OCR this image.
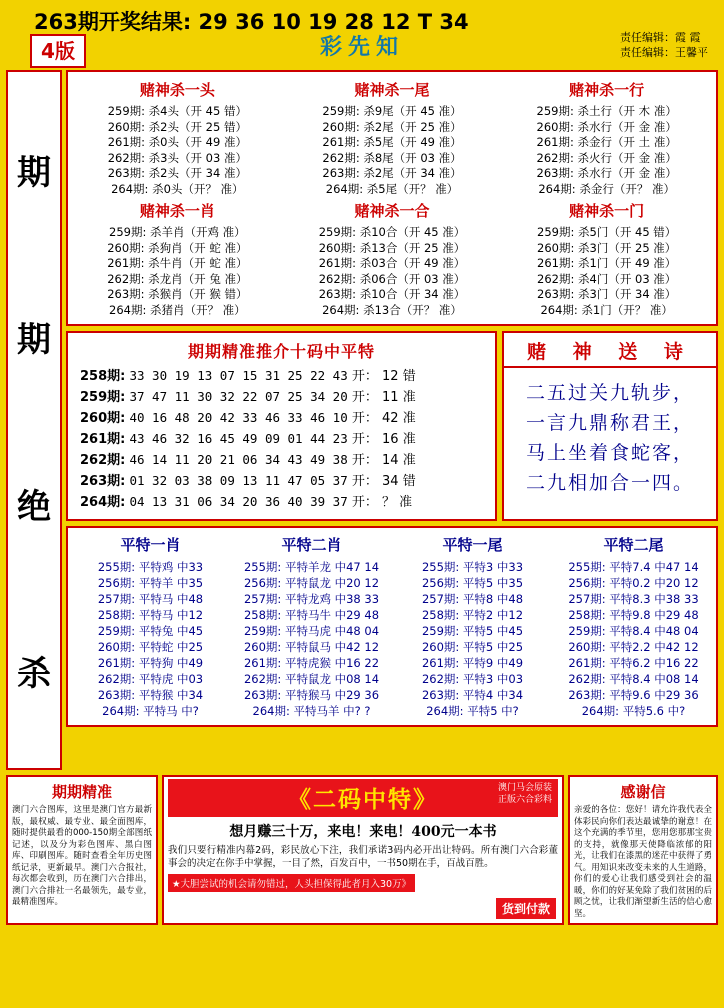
263期开奖结果: 29 36 10 19 28 12 T 34
4版	彩先知	责任编辑：霞 霞
责任编辑：王馨平
期
期
绝
杀
赌神杀一头
259期: 杀4头（开 45 错）
260期: 杀2头（开 25 错）
261期: 杀0头（开 49 准）
262期: 杀3头（开 03 准）
263期: 杀2头（开 34 准）
264期: 杀0头（开？ 准）
赌神杀一尾
259期: 杀9尾（开 45 准）
260期: 杀2尾（开 25 准）
261期: 杀5尾（开 49 准）
262期: 杀8尾（开 03 准）
263期: 杀2尾（开 34 准）
264期: 杀5尾（开？ 准）
赌神杀一行
259期: 杀土行（开 木 准）
260期: 杀水行（开 金 准）
261期: 杀金行（开 土 准）
262期: 杀火行（开 金 准）
263期: 杀水行（开 金 准）
264期: 杀金行（开？ 准）
赌神杀一肖
259期: 杀羊肖（开鸡 准）
260期: 杀狗肖（开 蛇 准）
261期: 杀牛肖（开 蛇 准）
262期: 杀龙肖（开 兔 准）
263期: 杀猴肖（开 猴 错）
264期: 杀猪肖（开？ 准）
赌神杀一合
259期: 杀10合（开 45 准）
260期: 杀13合（开 25 准）
261期: 杀03合（开 49 准）
262期: 杀06合（开 03 准）
263期: 杀10合（开 34 准）
264期: 杀13合（开？ 准）
赌神杀一门
259期: 杀5门（开 45 错）
260期: 杀3门（开 25 准）
261期: 杀1门（开 49 准）
262期: 杀4门（开 03 准）
263期: 杀3门（开 34 准）
264期: 杀1门（开？ 准）
期期精准推介十码中平特
258期: 33 30 19 13 07 15 31 25 22 43 开： 12 错
259期: 37 47 11 30 32 22 07 25 34 20 开： 11 准
260期: 40 16 48 20 42 33 46 33 46 10 开： 42 准
261期: 43 46 32 16 45 49 09 01 44 23 开： 16 准
262期: 46 14 11 20 21 06 34 43 49 38 开： 14 准
263期: 01 32 03 38 09 13 11 47 05 37 开： 34 错
264期: 04 13 31 06 34 20 36 40 39 37 开： ？ 准
赌 神 送 诗
二五过关九轨步，
一言九鼎称君王，
马上坐着食蛇客，
二九相加合一四。
平特一肖
255期: 平特鸡 中33
256期: 平特羊 中35
257期: 平特马 中48
258期: 平特马 中12
259期: 平特兔 中45
260期: 平特蛇 中25
261期: 平特狗 中49
262期: 平特虎 中03
263期: 平特猴 中34
264期: 平特马 中?
平特二肖
255期: 平特羊龙 中47 14
256期: 平特鼠龙 中20 12
257期: 平特龙鸡 中38 33
258期: 平特马牛 中29 48
259期: 平特马虎 中48 04
260期: 平特鼠马 中42 12
261期: 平特虎猴 中16 22
262期: 平特鼠龙 中08 14
263期: 平特猴马 中29 36
264期: 平特马羊 中? ?
平特一尾
255期: 平特3 中33
256期: 平特5 中35
257期: 平特8 中48
258期: 平特2 中12
259期: 平特5 中45
260期: 平特5 中25
261期: 平特9 中49
262期: 平特3 中03
263期: 平特4 中34
264期: 平特5 中?
平特二尾
255期: 平特7.4 中47 14
256期: 平特0.2 中20 12
257期: 平特8.3 中38 33
258期: 平特9.8 中29 48
259期: 平特8.4 中48 04
260期: 平特2.2 中42 12
261期: 平特6.2 中16 22
262期: 平特8.4 中08 14
263期: 平特9.6 中29 36
264期: 平特5.6 中?
期期精准

澳门六合图库，这里是澳门官方最新版，最权威、最专业、最全面图库，随时提供最看的000-150期全部图纸记述，以及分为彩色图库、黑白图库、印刷图库。随时查看全年历史图纸记录，更新最早。澳门六合报社，每次都会收到，历在澳门六合排出，澳门六合排社一名最领先，最专业，最精准图库。

《二码中特》	澳门马会原装
正版六合彩料
想月赚三十万，来电！来电！400元一本书
我们只要行精准内幕2码，彩民放心下注，我们承诺3码内必开出让特码。所有澳门六合彩董事会的决定在你手中掌握，一目了然，百发百中，一书50期在手，百战百胜。
★大胆尝试的机会请勿错过，人头担保得此者月入30万》
货到付款
感谢信

亲爱的各位：您好！请允许我代表全体彩民向你们表达最诚挚的谢意！在这个充满的季节里，您用您那那宝贵的支持，就像那天使降临浓郁的阳光，让我们在漆黑的迷茫中获得了勇气。用知识来改变未来的人生道路，你们的爱心让我们感受到社会的温暖，你们的好某免除了我们贫困的后顾之忧，让我们渐望新生活的信心愈坚。
